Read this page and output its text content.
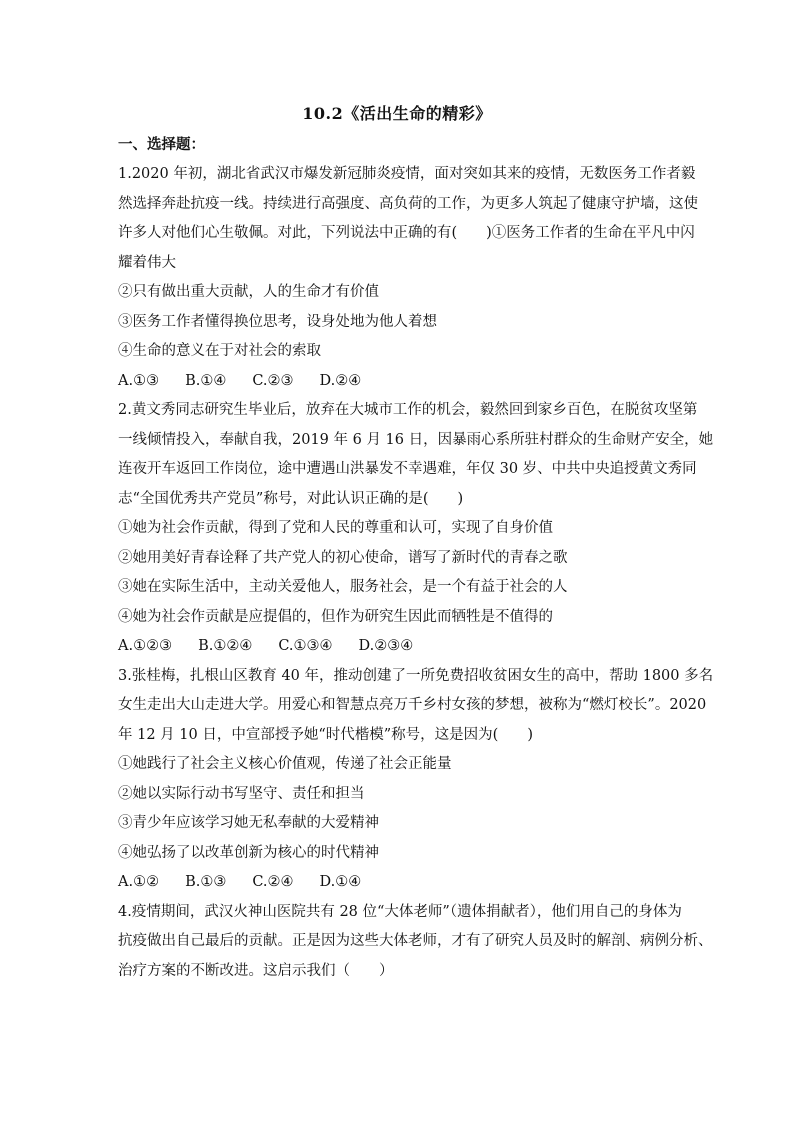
10.2《活出生命的精彩》
一、选择题：
1.2020 年初，湖北省武汉市爆发新冠肺炎疫情，面对突如其来的疫情，无数医务工作者毅
然选择奔赴抗疫一线。持续进行高强度、高负荷的工作，为更多人筑起了健康守护墙，这使
许多人对他们心生敬佩。对此，下列说法中正确的有(　　)①医务工作者的生命在平凡中闪
耀着伟大
②只有做出重大贡献，人的生命才有价值
③医务工作者懂得换位思考，设身处地为他人着想
④生命的意义在于对社会的索取
A.①③ B.①④ C.②③ D.②④
2.黄文秀同志研究生毕业后，放弃在大城市工作的机会，毅然回到家乡百色，在脱贫攻坚第
一线倾情投入，奉献自我，2019 年 6 月 16 日，因暴雨心系所驻村群众的生命财产安全，她
连夜开车返回工作岗位，途中遭遇山洪暴发不幸遇难，年仅 30 岁、中共中央追授黄文秀同
志“全国优秀共产党员”称号，对此认识正确的是(　　)
①她为社会作贡献，得到了党和人民的尊重和认可，实现了自身价值
②她用美好青春诠释了共产党人的初心使命，谱写了新时代的青春之歌
③她在实际生活中，主动关爱他人，服务社会，是一个有益于社会的人
④她为社会作贡献是应提倡的，但作为研究生因此而牺牲是不值得的
A.①②③ B.①②④ C.①③④ D.②③④
3.张桂梅，扎根山区教育 40 年，推动创建了一所免费招收贫困女生的高中，帮助 1800 多名
女生走出大山走进大学。用爱心和智慧点亮万千乡村女孩的梦想，被称为“燃灯校长”。2020
年 12 月 10 日，中宣部授予她“时代楷模”称号，这是因为(　　)
①她践行了社会主义核心价值观，传递了社会正能量
②她以实际行动书写坚守、责任和担当
③青少年应该学习她无私奉献的大爱精神
④她弘扬了以改革创新为核心的时代精神
A.①② B.①③ C.②④ D.①④
4.疫情期间，武汉火神山医院共有 28 位“大体老师”（遗体捐献者），他们用自己的身体为
抗疫做出自己最后的贡献。正是因为这些大体老师，才有了研究人员及时的解剖、病例分析、
治疗方案的不断改进。这启示我们（　　）
